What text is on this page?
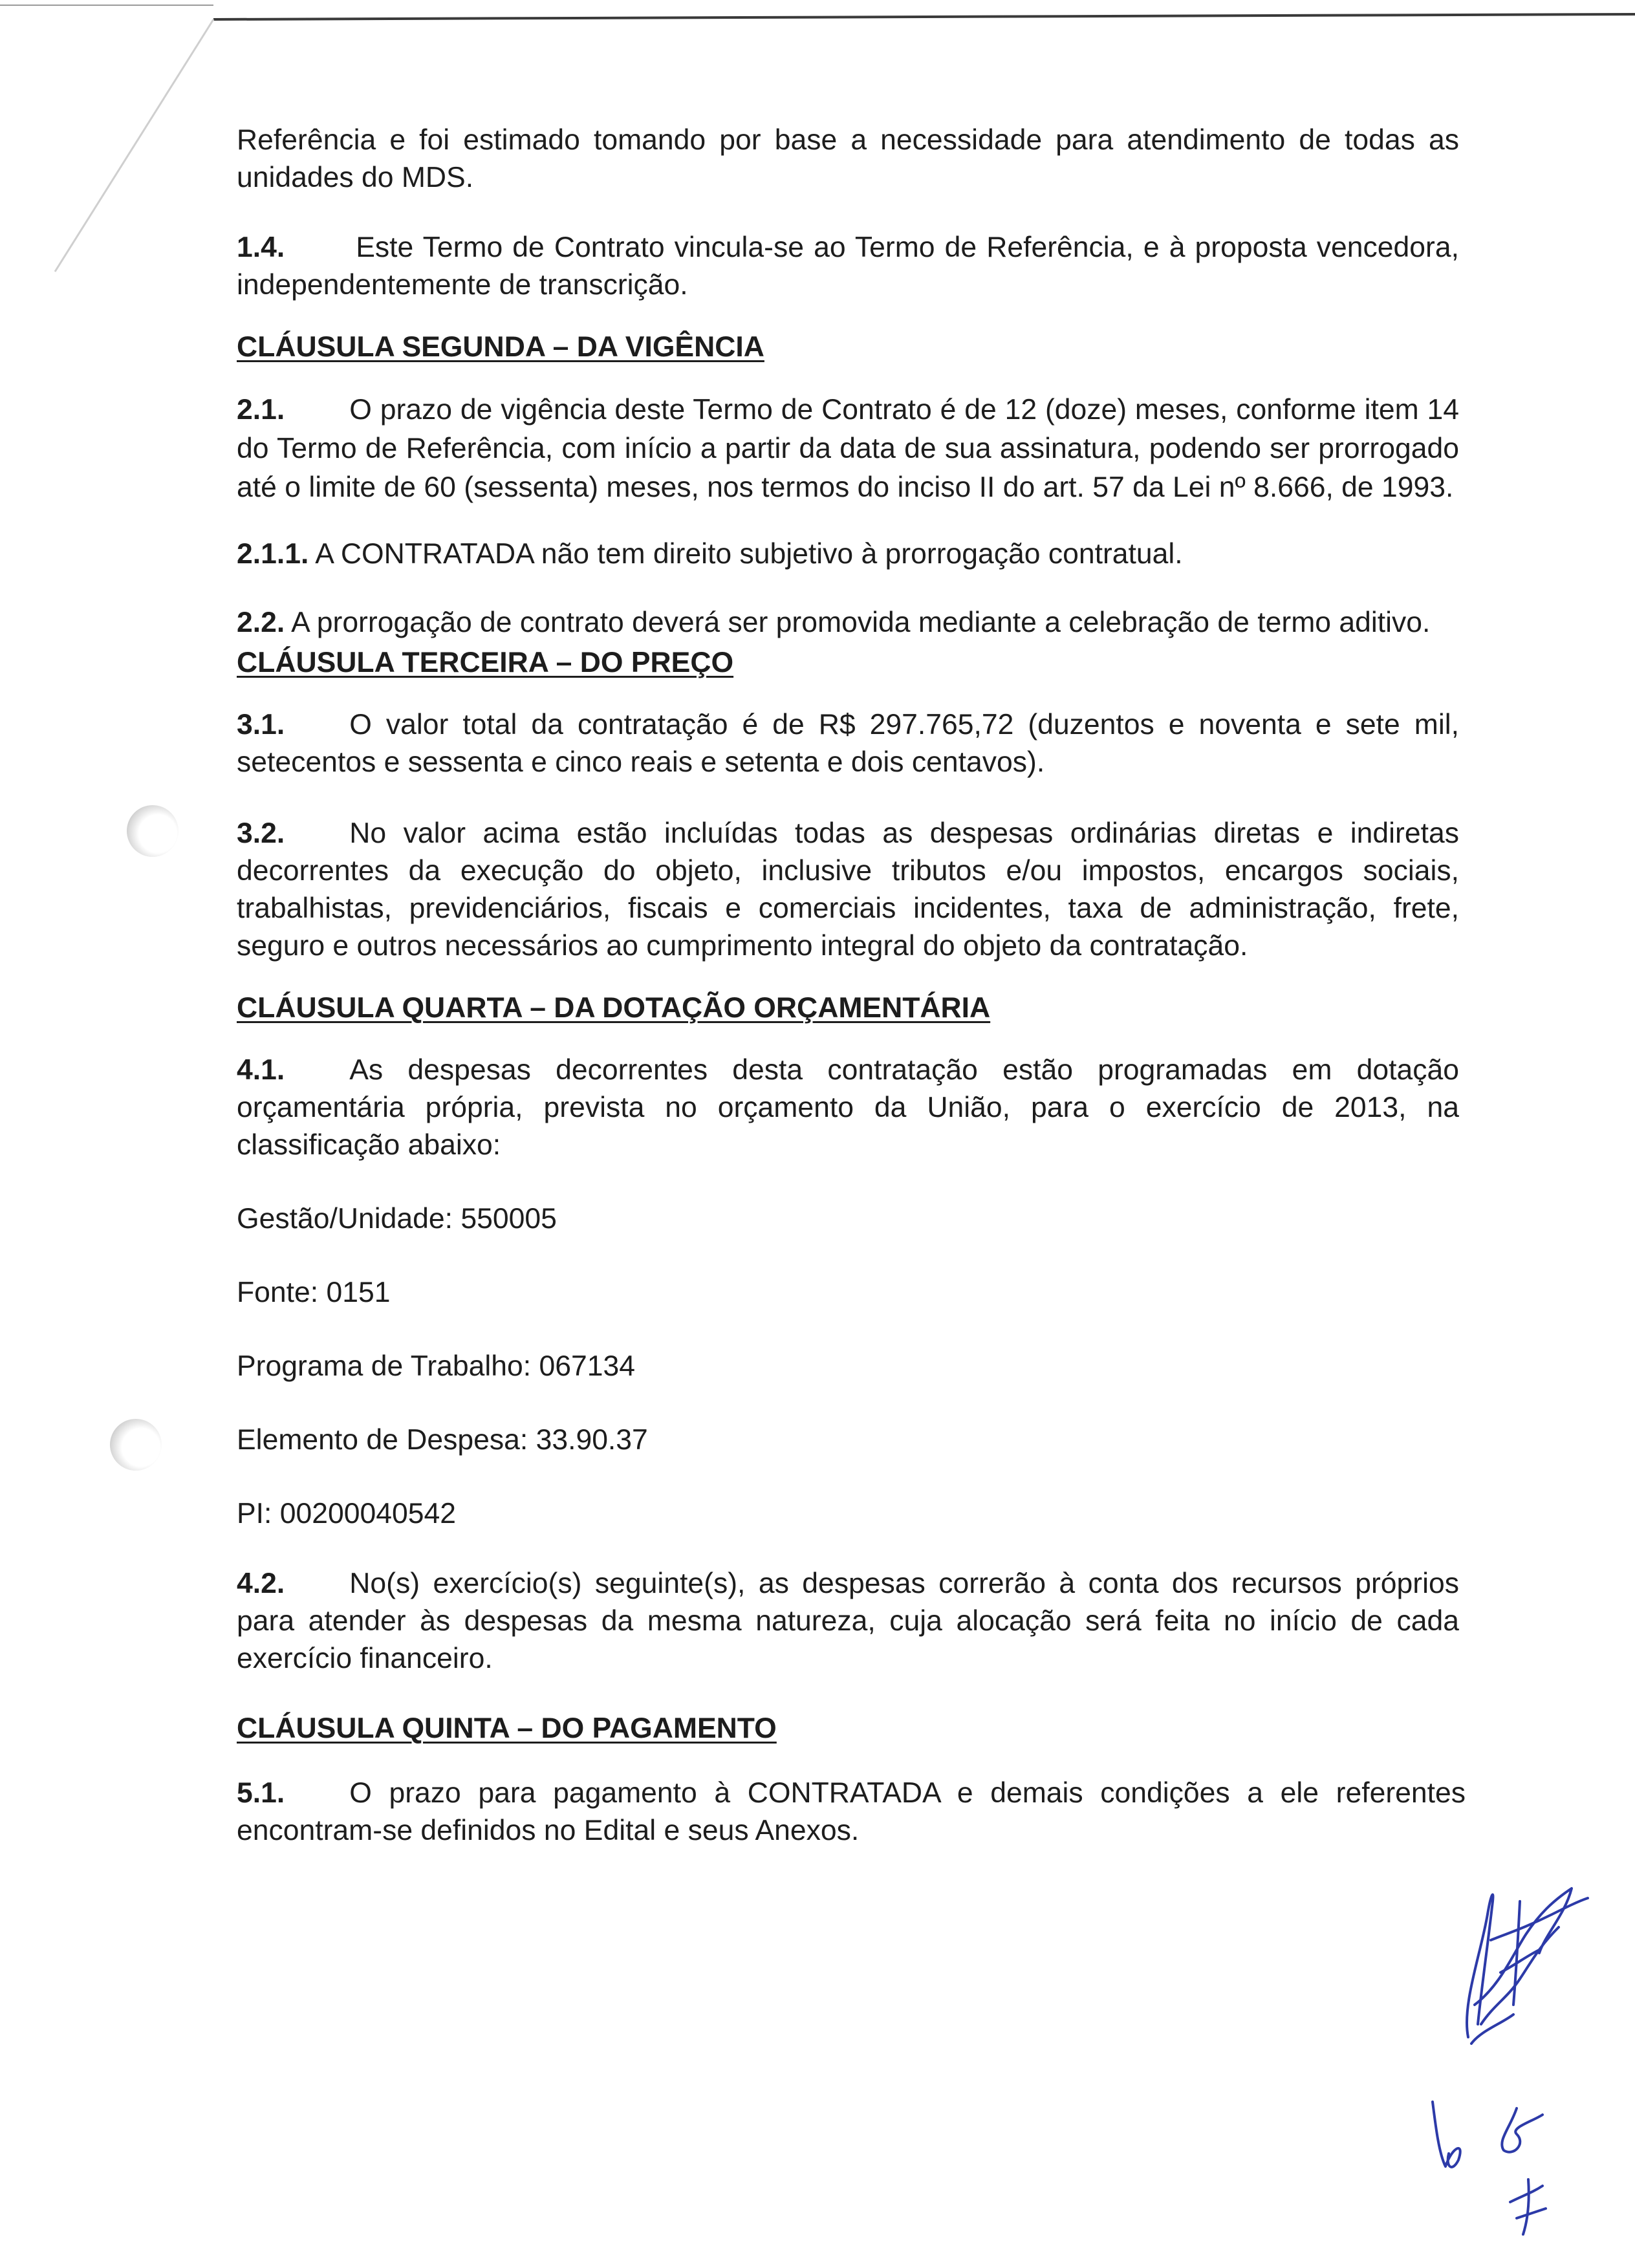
Referência e foi estimado tomando por base a necessidade para atendimento de todas as unidades do MDS.

1.4. Este Termo de Contrato vincula-se ao Termo de Referência, e à proposta vencedora, independentemente de transcrição.

CLÁUSULA SEGUNDA – DA VIGÊNCIA

2.1. O prazo de vigência deste Termo de Contrato é de 12 (doze) meses, conforme item 14 do Termo de Referência, com início a partir da data de sua assinatura, podendo ser prorrogado até o limite de 60 (sessenta) meses, nos termos do inciso II do art. 57 da Lei nº 8.666, de 1993.

2.1.1. A CONTRATADA não tem direito subjetivo à prorrogação contratual.

2.2. A prorrogação de contrato deverá ser promovida mediante a celebração de termo aditivo.

CLÁUSULA TERCEIRA – DO PREÇO

3.1. O valor total da contratação é de R$ 297.765,72 (duzentos e noventa e sete mil, setecentos e sessenta e cinco reais e setenta e dois centavos).

3.2. No valor acima estão incluídas todas as despesas ordinárias diretas e indiretas decorrentes da execução do objeto, inclusive tributos e/ou impostos, encargos sociais, trabalhistas, previdenciários, fiscais e comerciais incidentes, taxa de administração, frete, seguro e outros necessários ao cumprimento integral do objeto da contratação.

CLÁUSULA QUARTA – DA DOTAÇÃO ORÇAMENTÁRIA

4.1. As despesas decorrentes desta contratação estão programadas em dotação orçamentária própria, prevista no orçamento da União, para o exercício de 2013, na classificação abaixo:

Gestão/Unidade: 550005

Fonte: 0151

Programa de Trabalho: 067134

Elemento de Despesa: 33.90.37

PI: 00200040542

4.2. No(s) exercício(s) seguinte(s), as despesas correrão à conta dos recursos próprios para atender às despesas da mesma natureza, cuja alocação será feita no início de cada exercício financeiro.

CLÁUSULA QUINTA – DO PAGAMENTO

5.1. O prazo para pagamento à CONTRATADA e demais condições a ele referentes encontram-se definidos no Edital e seus Anexos.
